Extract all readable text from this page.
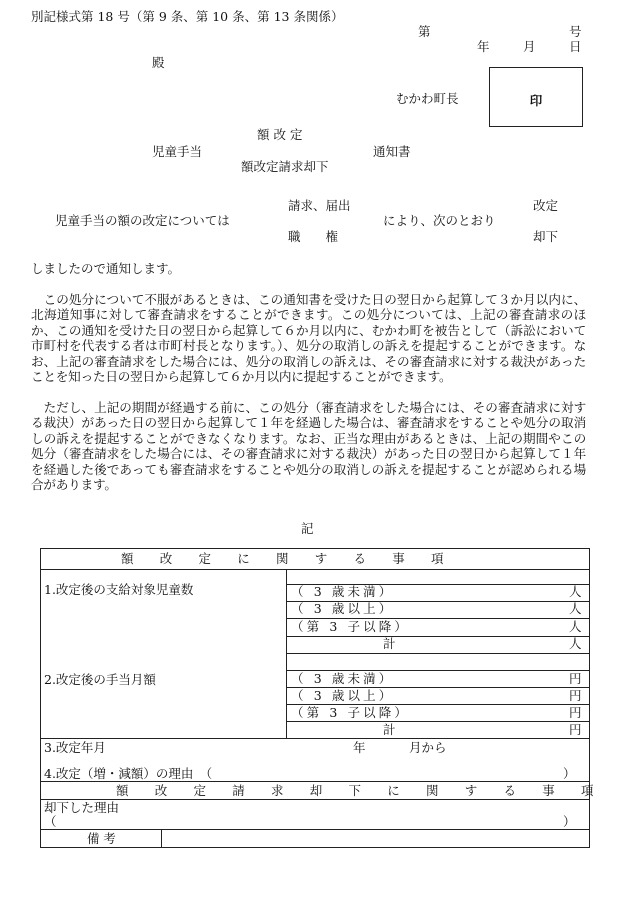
別記様式第 18 号（第 9 条、第 10 条、第 13 条関係）
第	号
年	月	日
殿
むかわ町長	印
額 改 定
児童手当	通知書
額改定請求却下
請求、届出	改定
児童手当の額の改定については	により、次のとおり
職　　権	却下
しましたので通知します。
この処分について不服があるときは、この通知書を受けた日の翌日から起算して３か月以内に、北海道知事に対して審査請求をすることができます。この処分については、上記の審査請求のほか、この通知を受けた日の翌日から起算して６か月以内に、むかわ町を被告として（訴訟において市町村を代表する者は市町村長となります。）、処分の取消しの訴えを提起することができます。なお、上記の審査請求をした場合には、処分の取消しの訴えは、その審査請求に対する裁決があったことを知った日の翌日から起算して６か月以内に提起することができます。
ただし、上記の期間が経過する前に、この処分（審査請求をした場合には、その審査請求に対する裁決）があった日の翌日から起算して１年を経過した場合は、審査請求をすることや処分の取消しの訴えを提起することができなくなります。なお、正当な理由があるときは、上記の期間やこの処分（審査請求をした場合には、その審査請求に対する裁決）があった日の翌日から起算して１年を経過した後であっても審査請求をすることや処分の取消しの訴えを提起することが認められる場合があります。
記
額　改　定　に　関　す　る　事　項
1.改定後の支給対象児童数	（ 3 歳未満）	人
（ 3 歳以上）	人
（第 3 子以降）	人
計	人
2.改定後の手当月額	（ 3 歳未満）	円
（ 3 歳以上）	円
（第 3 子以降）	円
計	円
3.改定年月	年	月から
4.改定（増・減額）の理由　（	）
額　改　定　請　求　却　下　に　関　す　る　事　項
却下した理由
（	）
備考
